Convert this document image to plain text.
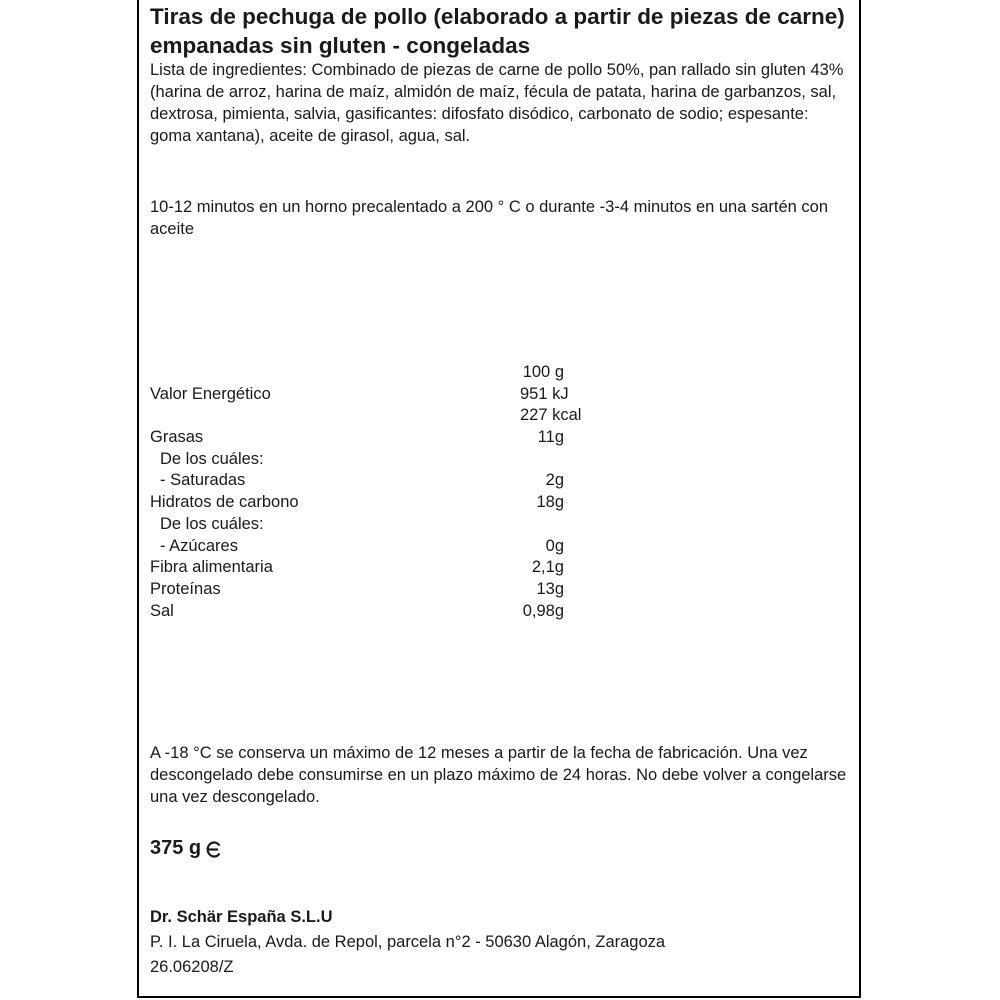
Tiras de pechuga de pollo (elaborado a partir de piezas de carne) empanadas sin gluten - congeladas

Lista de ingredientes: Combinado de piezas de carne de pollo 50%, pan rallado sin gluten 43% (harina de arroz, harina de maíz, almidón de maíz, fécula de patata, harina de garbanzos, sal, dextrosa, pimienta, salvia, gasificantes: difosfato disódico, carbonato de sodio; espesante: goma xantana), aceite de girasol, agua, sal.

10-12 minutos en un horno precalentado a 200 ° C o durante -3-4 minutos en una sartén con aceite

100 g
Valor Energético	951 kJ
227 kcal
Grasas	11g
De los cuáles:
- Saturadas	2g
Hidratos de carbono	18g
De los cuáles:
- Azúcares	0g
Fibra alimentaria	2,1g
Proteínas	13g
Sal	0,98g

A -18 °C se conserva un máximo de 12 meses a partir de la fecha de fabricación. Una vez descongelado debe consumirse en un plazo máximo de 24 horas. No debe volver a congelarse una vez descongelado.

375 g
Dr. Schär España S.L.U
P. I. La Ciruela, Avda. de Repol, parcela n°2 - 50630 Alagón, Zaragoza
26.06208/Z
